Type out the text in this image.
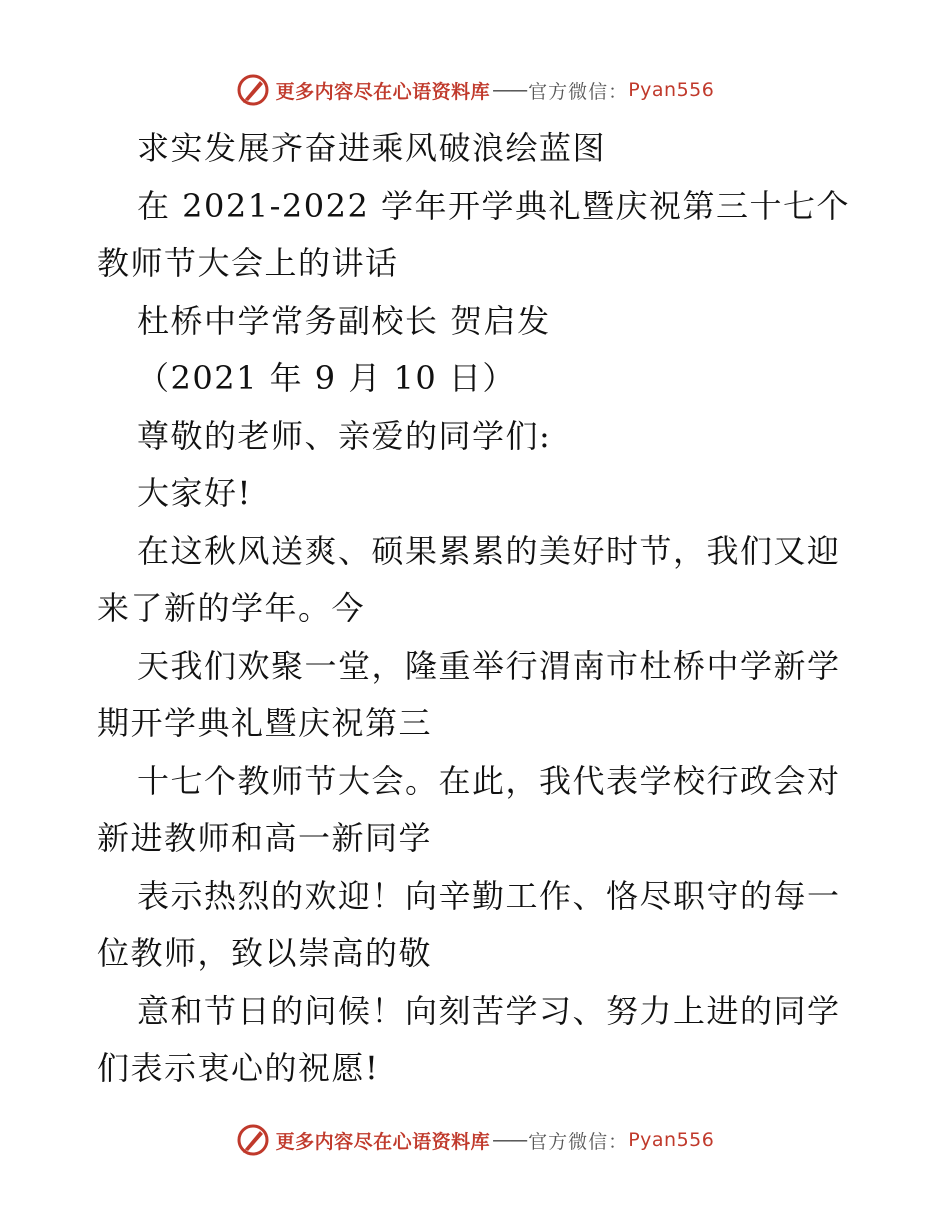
更多内容尽在心语资料库 —— 官方微信： Pyan556
求实发展齐奋进乘风破浪绘蓝图
在 2021-2022 学年开学典礼暨庆祝第三十七个
教师节大会上的讲话
杜桥中学常务副校长 贺启发
（2021 年 9 月 10 日）
尊敬的老师、亲爱的同学们:
大家好!
在这秋风送爽、硕果累累的美好时节，我们又迎
来了新的学年。今
天我们欢聚一堂，隆重举行渭南市杜桥中学新学
期开学典礼暨庆祝第三
十七个教师节大会。在此，我代表学校行政会对
新进教师和高一新同学
表示热烈的欢迎！向辛勤工作、恪尽职守的每一
位教师，致以崇高的敬
意和节日的问候！向刻苦学习、努力上进的同学
们表示衷心的祝愿!
更多内容尽在心语资料库 —— 官方微信： Pyan556
